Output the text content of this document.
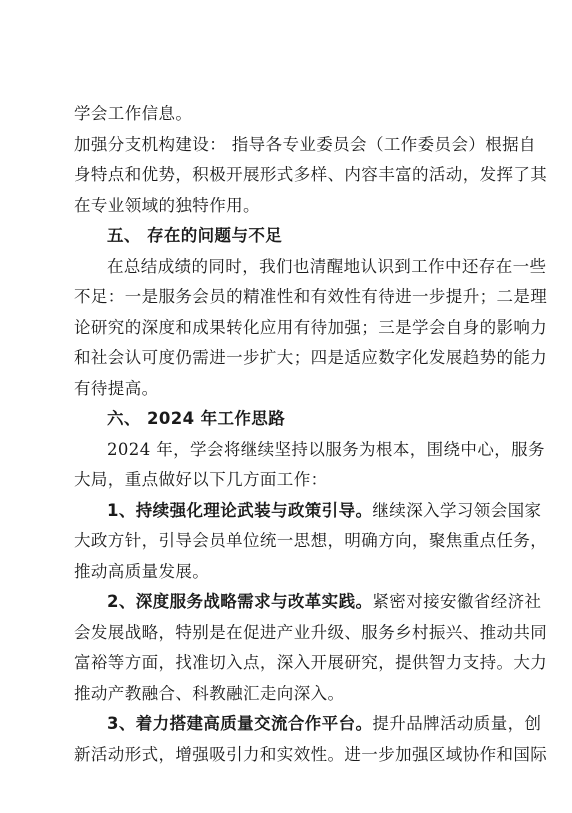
学会工作信息。
加强分支机构建设： 指导各专业委员会（工作委员会）根据自
身特点和优势，积极开展形式多样、内容丰富的活动，发挥了其
在专业领域的独特作用。
五、 存在的问题与不足
在总结成绩的同时，我们也清醒地认识到工作中还存在一些
不足：一是服务会员的精准性和有效性有待进一步提升；二是理
论研究的深度和成果转化应用有待加强；三是学会自身的影响力
和社会认可度仍需进一步扩大；四是适应数字化发展趋势的能力
有待提高。
六、 2024 年工作思路
2024 年，学会将继续坚持以服务为根本，围绕中心，服务
大局，重点做好以下几方面工作：
1、持续强化理论武装与政策引导。继续深入学习领会国家
大政方针，引导会员单位统一思想，明确方向，聚焦重点任务，
推动高质量发展。
2、深度服务战略需求与改革实践。紧密对接安徽省经济社
会发展战略，特别是在促进产业升级、服务乡村振兴、推动共同
富裕等方面，找准切入点，深入开展研究，提供智力支持。大力
推动产教融合、科教融汇走向深入。
3、着力搭建高质量交流合作平台。提升品牌活动质量，创
新活动形式，增强吸引力和实效性。进一步加强区域协作和国际
